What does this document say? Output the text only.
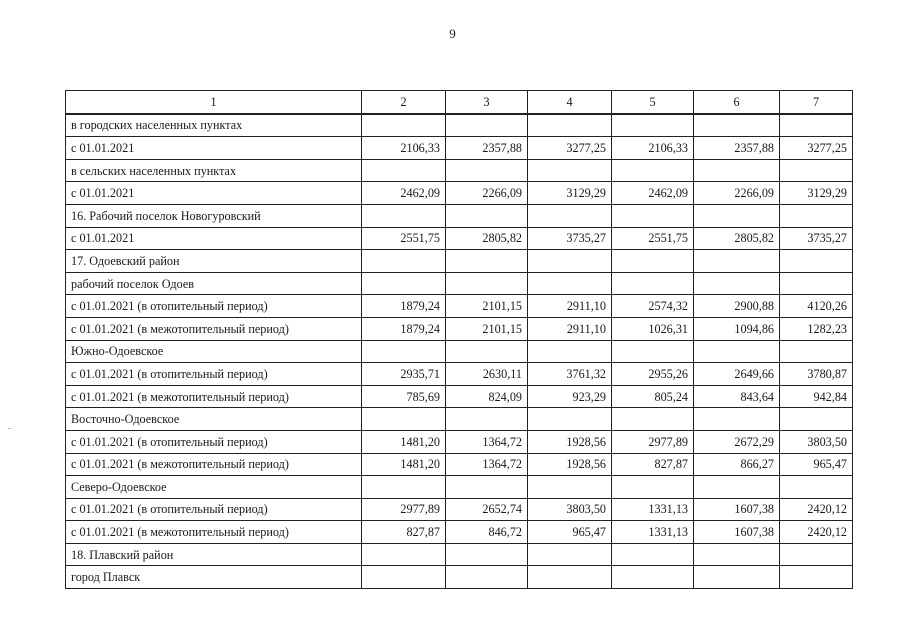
9
1	2	3	4	5	6	7
в городских населенных пунктах						
с 01.01.2021	2106,33	2357,88	3277,25	2106,33	2357,88	3277,25
в сельских населенных пунктах						
с 01.01.2021	2462,09	2266,09	3129,29	2462,09	2266,09	3129,29
16. Рабочий поселок Новогуровский						
с 01.01.2021	2551,75	2805,82	3735,27	2551,75	2805,82	3735,27
17. Одоевский район						
рабочий поселок Одоев						
с 01.01.2021 (в отопительный период)	1879,24	2101,15	2911,10	2574,32	2900,88	4120,26
с 01.01.2021 (в межотопительный период)	1879,24	2101,15	2911,10	1026,31	1094,86	1282,23
Южно-Одоевское						
с 01.01.2021 (в отопительный период)	2935,71	2630,11	3761,32	2955,26	2649,66	3780,87
с 01.01.2021 (в межотопительный период)	785,69	824,09	923,29	805,24	843,64	942,84
Восточно-Одоевское						
с 01.01.2021 (в отопительный период)	1481,20	1364,72	1928,56	2977,89	2672,29	3803,50
с 01.01.2021 (в межотопительный период)	1481,20	1364,72	1928,56	827,87	866,27	965,47
Северо-Одоевское						
с 01.01.2021 (в отопительный период)	2977,89	2652,74	3803,50	1331,13	1607,38	2420,12
с 01.01.2021 (в межотопительный период)	827,87	846,72	965,47	1331,13	1607,38	2420,12
18. Плавский район						
город Плавск						
